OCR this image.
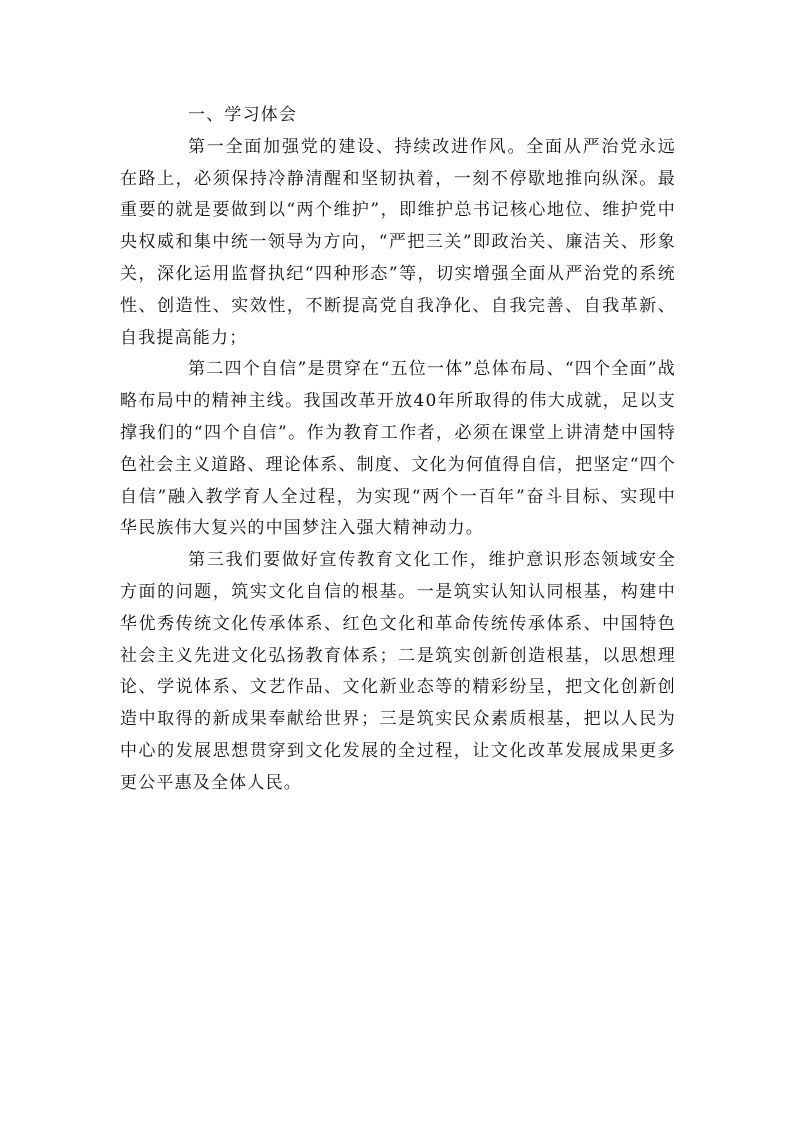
一、学习体会

第一全面加强党的建设、持续改进作风。全面从严治党永远在路上，必须保持冷静清醒和坚韧执着，一刻不停歇地推向纵深。最重要的就是要做到以“两个维护”，即维护总书记核心地位、维护党中央权威和集中统一领导为方向，“严把三关”即政治关、廉洁关、形象关，深化运用监督执纪“四种形态”等，切实增强全面从严治党的系统性、创造性、实效性，不断提高党自我净化、自我完善、自我革新、自我提高能力；

第二四个自信”是贯穿在“五位一体”总体布局、“四个全面”战略布局中的精神主线。我国改革开放40年所取得的伟大成就，足以支撑我们的“四个自信”。作为教育工作者，必须在课堂上讲清楚中国特色社会主义道路、理论体系、制度、文化为何值得自信，把坚定“四个自信”融入教学育人全过程，为实现“两个一百年”奋斗目标、实现中华民族伟大复兴的中国梦注入强大精神动力。

第三我们要做好宣传教育文化工作，维护意识形态领域安全方面的问题，筑实文化自信的根基。一是筑实认知认同根基，构建中华优秀传统文化传承体系、红色文化和革命传统传承体系、中国特色社会主义先进文化弘扬教育体系；二是筑实创新创造根基，以思想理论、学说体系、文艺作品、文化新业态等的精彩纷呈，把文化创新创造中取得的新成果奉献给世界；三是筑实民众素质根基，把以人民为中心的发展思想贯穿到文化发展的全过程，让文化改革发展成果更多更公平惠及全体人民。
